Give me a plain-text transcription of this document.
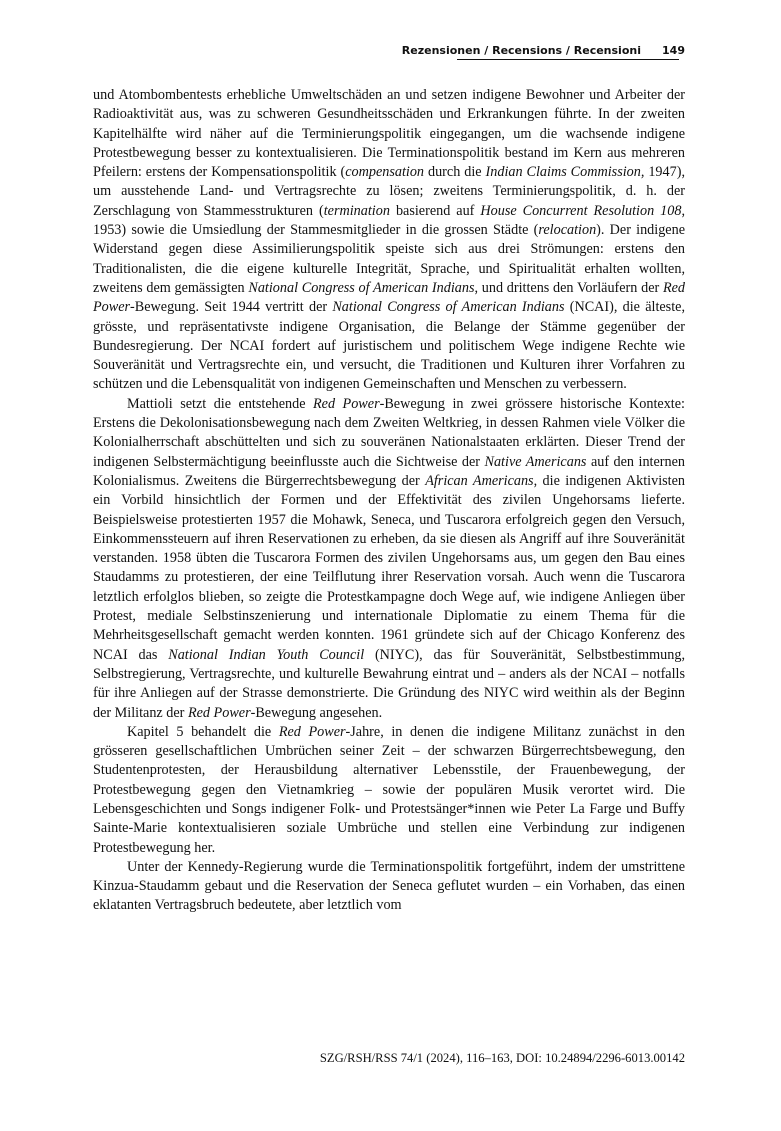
Rezensionen / Recensions / Recensioni 149

und Atombombentests erhebliche Umweltschäden an und setzen indigene Bewohner und Arbeiter der Radioaktivität aus, was zu schweren Gesundheitsschäden und Erkrankungen führte. In der zweiten Kapitelhälfte wird näher auf die Terminierungspolitik eingegangen, um die wachsende indigene Protestbewegung besser zu kontextualisieren. Die Terminationspolitik bestand im Kern aus mehreren Pfeilern: erstens der Kompensationspolitik (compensation durch die Indian Claims Commission, 1947), um ausstehende Land- und Vertragsrechte zu lösen; zweitens Terminierungspolitik, d. h. der Zerschlagung von Stammesstrukturen (termination basierend auf House Concurrent Resolution 108, 1953) sowie die Umsiedlung der Stammesmitglieder in die grossen Städte (relocation). Der indigene Widerstand gegen diese Assimilierungspolitik speiste sich aus drei Strömungen: erstens den Traditionalisten, die die eigene kulturelle Integrität, Sprache, und Spiritualität erhalten wollten, zweitens dem gemässigten National Congress of American Indians, und drittens den Vorläufern der Red Power-Bewegung. Seit 1944 vertritt der National Congress of American Indians (NCAI), die älteste, grösste, und repräsentativste indigene Organisation, die Belange der Stämme gegenüber der Bundesregierung. Der NCAI fordert auf juristischem und politischem Wege indigene Rechte wie Souveränität und Vertragsrechte ein, und versucht, die Traditionen und Kulturen ihrer Vorfahren zu schützen und die Lebensqualität von indigenen Gemeinschaften und Menschen zu verbessern.

Mattioli setzt die entstehende Red Power-Bewegung in zwei grössere historische Kontexte: Erstens die Dekolonisationsbewegung nach dem Zweiten Weltkrieg, in dessen Rahmen viele Völker die Kolonialherrschaft abschüttelten und sich zu souveränen Nationalstaaten erklärten. Dieser Trend der indigenen Selbstermächtigung beeinflusste auch die Sichtweise der Native Americans auf den internen Kolonialismus. Zweitens die Bürgerrechtsbewegung der African Americans, die indigenen Aktivisten ein Vorbild hinsichtlich der Formen und der Effektivität des zivilen Ungehorsams lieferte. Beispielsweise protestierten 1957 die Mohawk, Seneca, und Tuscarora erfolgreich gegen den Versuch, Einkommenssteuern auf ihren Reservationen zu erheben, da sie diesen als Angriff auf ihre Souveränität verstanden. 1958 übten die Tuscarora Formen des zivilen Ungehorsams aus, um gegen den Bau eines Staudamms zu protestieren, der eine Teilflutung ihrer Reservation vorsah. Auch wenn die Tuscarora letztlich erfolglos blieben, so zeigte die Protestkampagne doch Wege auf, wie indigene Anliegen über Protest, mediale Selbstinszenierung und internationale Diplomatie zu einem Thema für die Mehrheitsgesellschaft gemacht werden konnten. 1961 gründete sich auf der Chicago Konferenz des NCAI das National Indian Youth Council (NIYC), das für Souveränität, Selbstbestimmung, Selbstregierung, Vertragsrechte, und kulturelle Bewahrung eintrat und – anders als der NCAI – notfalls für ihre Anliegen auf der Strasse demonstrierte. Die Gründung des NIYC wird weithin als der Beginn der Militanz der Red Power-Bewegung angesehen.

Kapitel 5 behandelt die Red Power-Jahre, in denen die indigene Militanz zunächst in den grösseren gesellschaftlichen Umbrüchen seiner Zeit – der schwarzen Bürgerrechtsbewegung, den Studentenprotesten, der Herausbildung alternativer Lebensstile, der Frauenbewegung, der Protestbewegung gegen den Vietnamkrieg – sowie der populären Musik verortet wird. Die Lebensgeschichten und Songs indigener Folk- und Protestsänger*innen wie Peter La Farge und Buffy Sainte-Marie kontextualisieren soziale Umbrüche und stellen eine Verbindung zur indigenen Protestbewegung her.

Unter der Kennedy-Regierung wurde die Terminationspolitik fortgeführt, indem der umstrittene Kinzua-Staudamm gebaut und die Reservation der Seneca geflutet wurden – ein Vorhaben, das einen eklatanten Vertragsbruch bedeutete, aber letztlich vom

SZG/RSH/RSS 74/1 (2024), 116–163, DOI: 10.24894/2296-6013.00142
